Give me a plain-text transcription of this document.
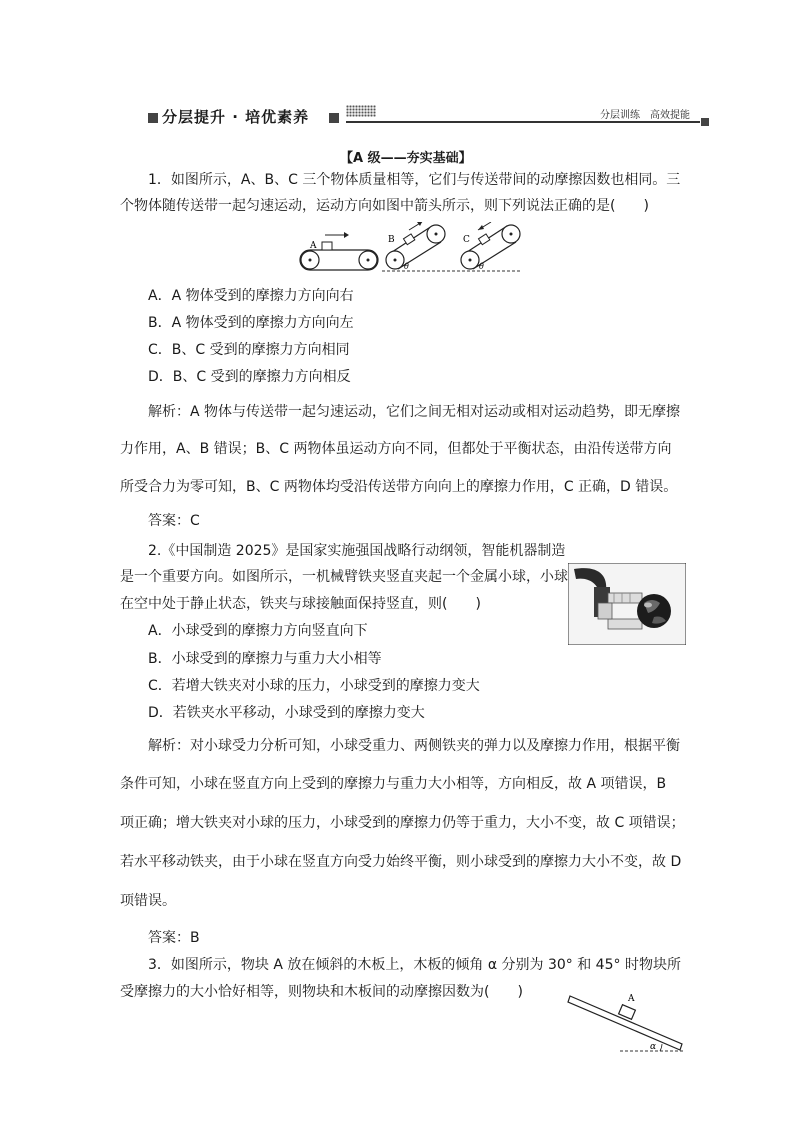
分层提升 · 培优素养	分层训练　高效提能
【A 级——夯实基础】
1．如图所示，A、B、C 三个物体质量相等，它们与传送带间的动摩擦因数也相同。三
个物体随传送带一起匀速运动，运动方向如图中箭头所示，则下列说法正确的是(　　)
A
B
θ
C
θ
A．A 物体受到的摩擦力方向向右
B．A 物体受到的摩擦力方向向左
C．B、C 受到的摩擦力方向相同
D．B、C 受到的摩擦力方向相反
解析：A 物体与传送带一起匀速运动，它们之间无相对运动或相对运动趋势，即无摩擦
力作用，A、B 错误；B、C 两物体虽运动方向不同，但都处于平衡状态，由沿传送带方向
所受合力为零可知，B、C 两物体均受沿传送带方向向上的摩擦力作用，C 正确，D 错误。
答案：C
2.《中国制造 2025》是国家实施强国战略行动纲领，智能机器制造
是一个重要方向。如图所示，一机械臂铁夹竖直夹起一个金属小球，小球
在空中处于静止状态，铁夹与球接触面保持竖直，则(　　)
A．小球受到的摩擦力方向竖直向下
B．小球受到的摩擦力与重力大小相等
C．若增大铁夹对小球的压力，小球受到的摩擦力变大
D．若铁夹水平移动，小球受到的摩擦力变大
解析：对小球受力分析可知，小球受重力、两侧铁夹的弹力以及摩擦力作用，根据平衡
条件可知，小球在竖直方向上受到的摩擦力与重力大小相等，方向相反，故 A 项错误，B
项正确；增大铁夹对小球的压力，小球受到的摩擦力仍等于重力，大小不变，故 C 项错误；
若水平移动铁夹，由于小球在竖直方向受力始终平衡，则小球受到的摩擦力大小不变，故 D
项错误。
答案：B
3．如图所示，物块 A 放在倾斜的木板上，木板的倾角 α 分别为 30° 和 45° 时物块所
受摩擦力的大小恰好相等，则物块和木板间的动摩擦因数为(　　)	A
α
